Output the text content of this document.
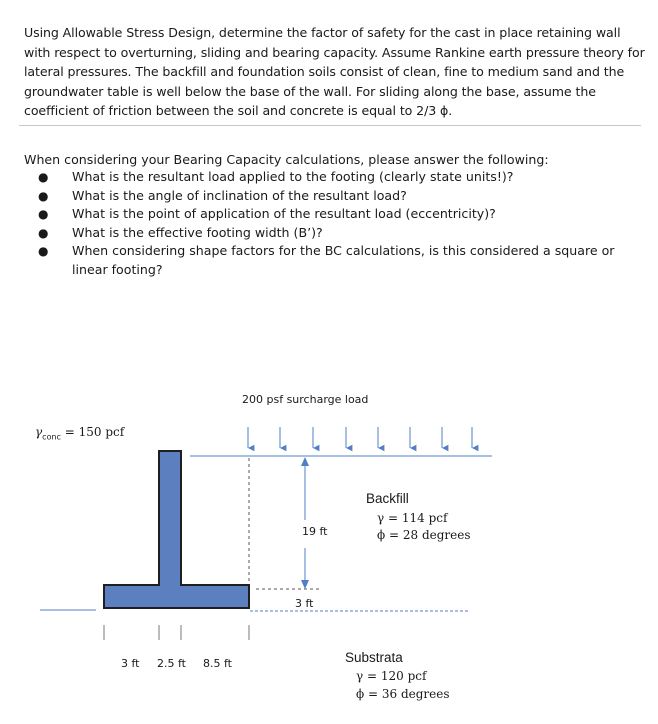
Using Allowable Stress Design, determine the factor of safety for the cast in place retaining wall with respect to overturning, sliding and bearing capacity. Assume Rankine earth pressure theory for lateral pressures. The backfill and foundation soils consist of clean, fine to medium sand and the groundwater table is well below the base of the wall. For sliding along the base, assume the coefficient of friction between the soil and concrete is equal to 2/3 ϕ.

When considering your Bearing Capacity calculations, please answer the following:

● What is the resultant load applied to the footing (clearly state units!)?
● What is the angle of inclination of the resultant load?
● What is the point of application of the resultant load (eccentricity)?
● What is the effective footing width (B’)?
● When considering shape factors for the BC calculations, is this considered a square or linear footing?
200 psf surcharge load
$\gamma_{conc} = 150$ pcf
19 ft
3 ft
3 ft 2.5 ft 8.5 ft
Backfill
γ = 114 pcf
ϕ = 28 degrees
Substrata
γ = 120 pcf
ϕ = 36 degrees
